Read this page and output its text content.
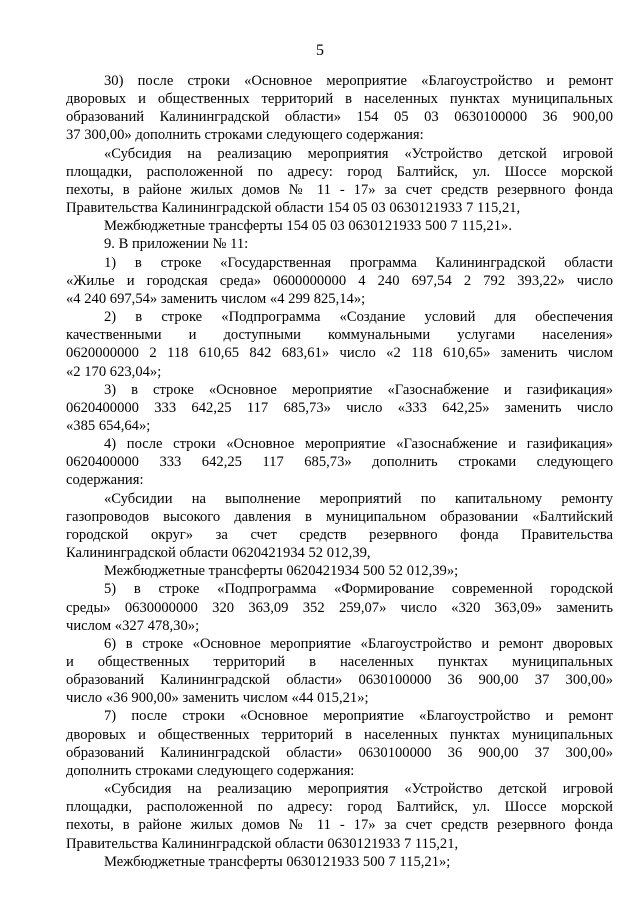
5

30) после строки «Основное мероприятие «Благоустройство и ремонт
дворовых и общественных территорий в населенных пунктах муниципальных
образований Калининградской области» 154 05 03 0630100000 36 900,00
37 300,00» дополнить строками следующего содержания:

«Субсидия на реализацию мероприятия «Устройство детской игровой
площадки, расположенной по адресу: город Балтийск, ул. Шоссе морской
пехоты, в районе жилых домов № 11 - 17» за счет средств резервного фонда
Правительства Калининградской области 154 05 03 0630121933 7 115,21,

Межбюджетные трансферты 154 05 03 0630121933 500 7 115,21».

9. В приложении № 11:

1) в строке «Государственная программа Калининградской области
«Жилье и городская среда» 0600000000 4 240 697,54 2 792 393,22» число
«4 240 697,54» заменить числом «4 299 825,14»;

2) в строке «Подпрограмма «Создание условий для обеспечения
качественными и доступными коммунальными услугами населения»
0620000000 2 118 610,65 842 683,61» число «2 118 610,65» заменить числом
«2 170 623,04»;

3) в строке «Основное мероприятие «Газоснабжение и газификация»
0620400000 333 642,25 117 685,73» число «333 642,25» заменить число
«385 654,64»;

4) после строки «Основное мероприятие «Газоснабжение и газификация»
0620400000 333 642,25 117 685,73» дополнить строками следующего
содержания:

«Субсидии на выполнение мероприятий по капитальному ремонту
газопроводов высокого давления в муниципальном образовании «Балтийский
городской округ» за счет средств резервного фонда Правительства
Калининградской области 0620421934 52 012,39,

Межбюджетные трансферты 0620421934 500 52 012,39»;

5) в строке «Подпрограмма «Формирование современной городской
среды» 0630000000 320 363,09 352 259,07» число «320 363,09» заменить
числом «327 478,30»;

6) в строке «Основное мероприятие «Благоустройство и ремонт дворовых
и общественных территорий в населенных пунктах муниципальных
образований Калининградской области» 0630100000 36 900,00 37 300,00»
число «36 900,00» заменить числом «44 015,21»;

7) после строки «Основное мероприятие «Благоустройство и ремонт
дворовых и общественных территорий в населенных пунктах муниципальных
образований Калининградской области» 0630100000 36 900,00 37 300,00»
дополнить строками следующего содержания:

«Субсидия на реализацию мероприятия «Устройство детской игровой
площадки, расположенной по адресу: город Балтийск, ул. Шоссе морской
пехоты, в районе жилых домов № 11 - 17» за счет средств резервного фонда
Правительства Калининградской области 0630121933 7 115,21,

Межбюджетные трансферты 0630121933 500 7 115,21»;
